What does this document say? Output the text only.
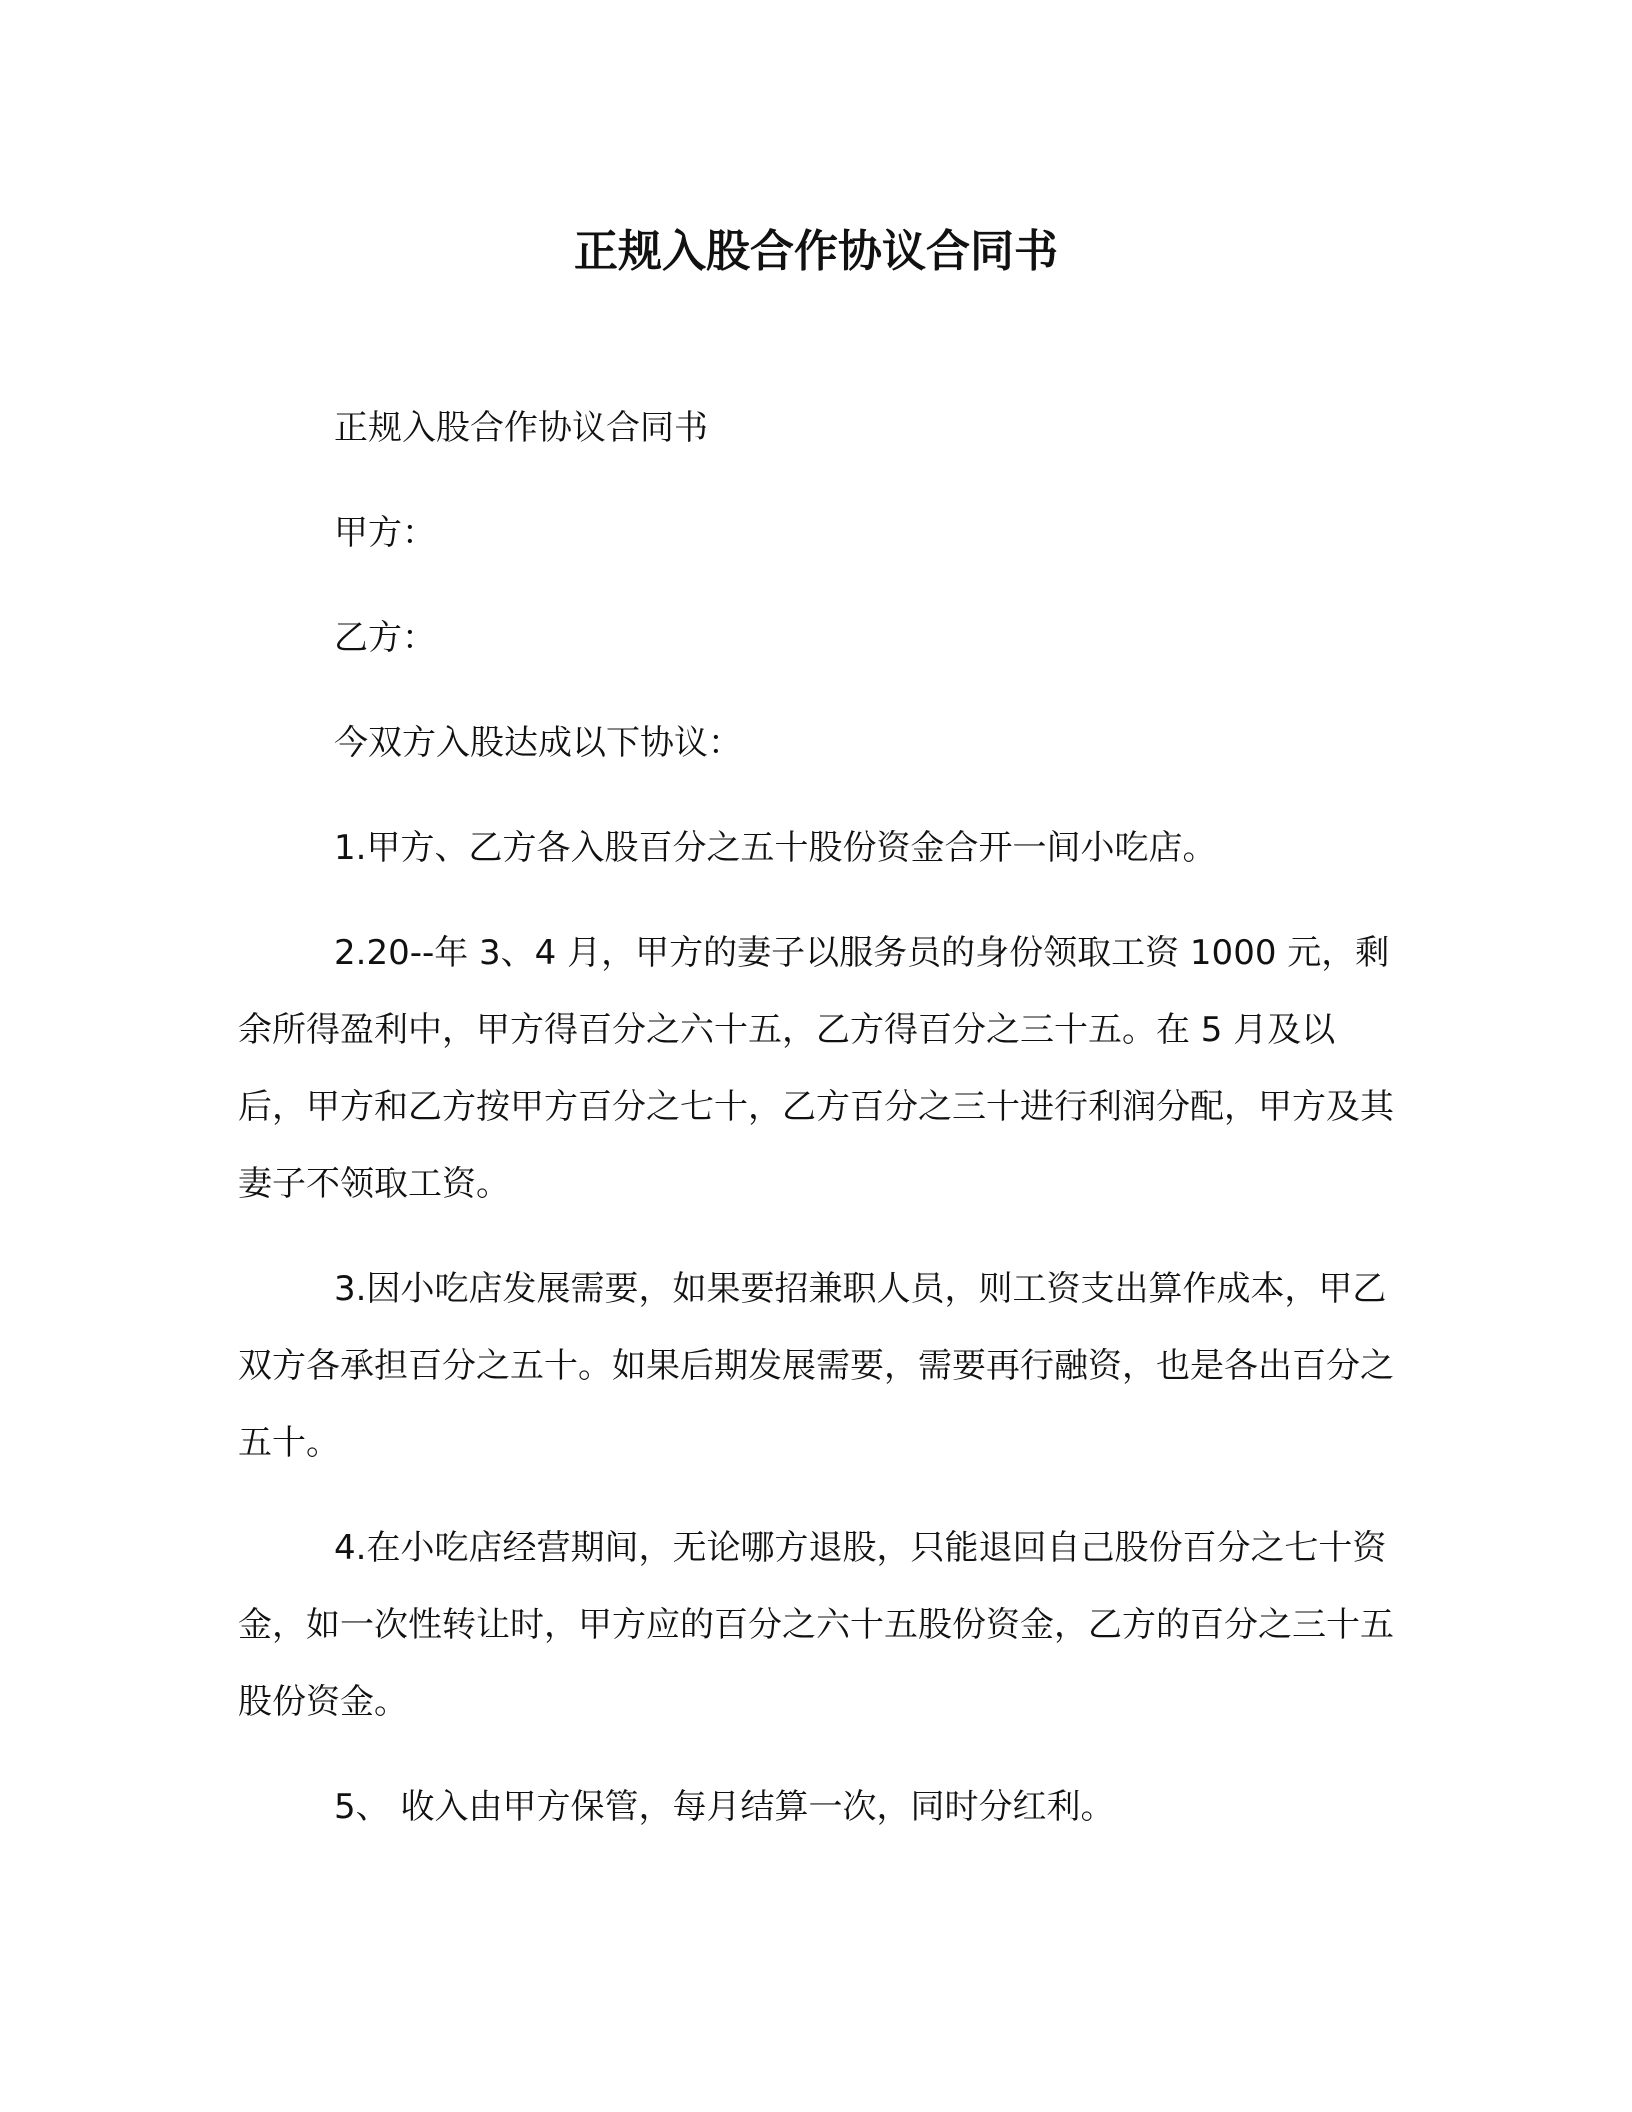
正规入股合作协议合同书

正规入股合作协议合同书

甲方：

乙方：

今双方入股达成以下协议：

1.甲方、乙方各入股百分之五十股份资金合开一间小吃店。

2.20--年 3、4 月，甲方的妻子以服务员的身份领取工资 1000 元，剩余所得盈利中，甲方得百分之六十五，乙方得百分之三十五。在 5 月及以后，甲方和乙方按甲方百分之七十，乙方百分之三十进行利润分配，甲方及其妻子不领取工资。

3.因小吃店发展需要，如果要招兼职人员，则工资支出算作成本，甲乙双方各承担百分之五十。如果后期发展需要，需要再行融资，也是各出百分之五十。

4.在小吃店经营期间，无论哪方退股，只能退回自己股份百分之七十资金，如一次性转让时，甲方应的百分之六十五股份资金，乙方的百分之三十五股份资金。

5、 收入由甲方保管，每月结算一次，同时分红利。
